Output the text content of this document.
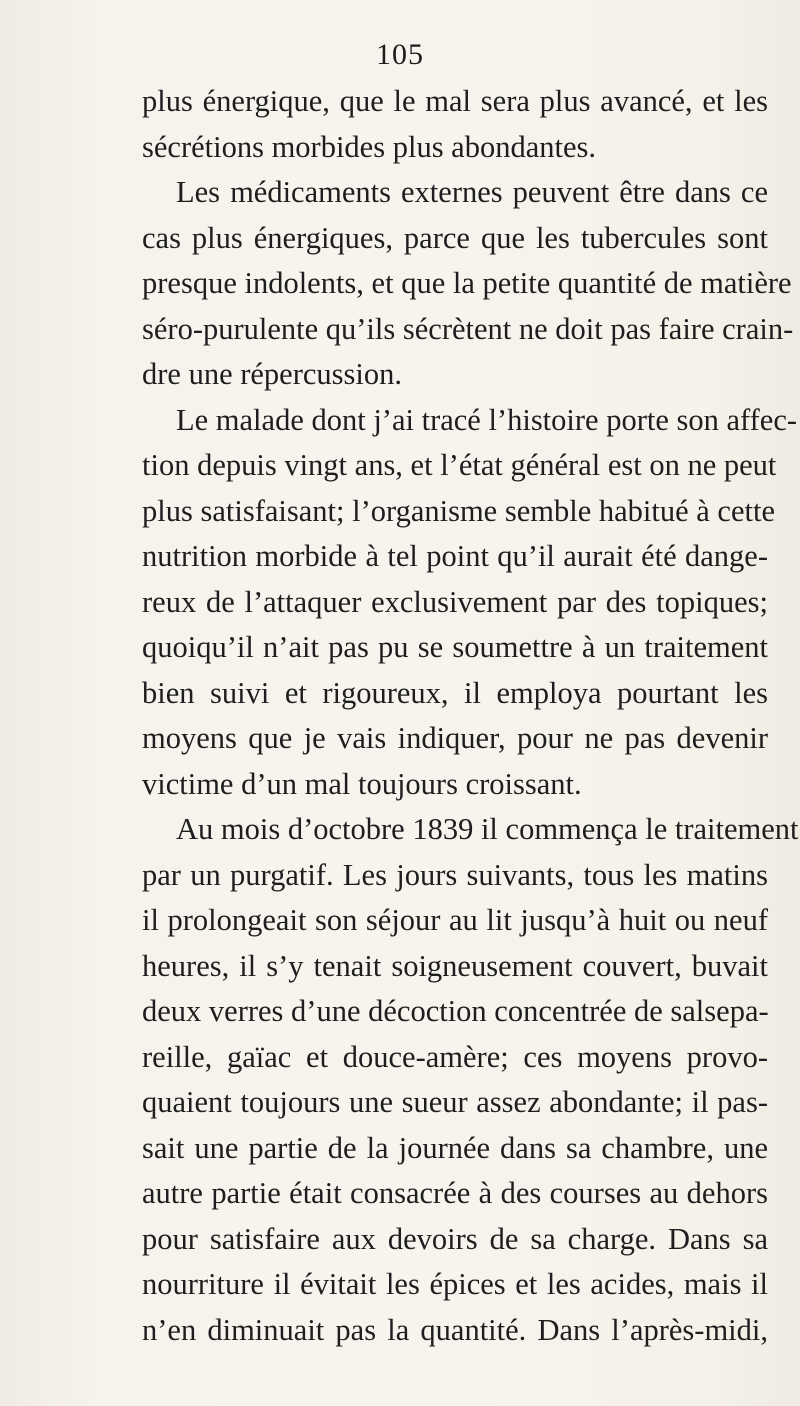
105
plus énergique, que le mal sera plus avancé, et les
sécrétions morbides plus abondantes.
Les médicaments externes peuvent être dans ce
cas plus énergiques, parce que les tubercules sont
presque indolents, et que la petite quantité de matière
séro-purulente qu’ils sécrètent ne doit pas faire crain-
dre une répercussion.
Le malade dont j’ai tracé l’histoire porte son affec-
tion depuis vingt ans, et l’état général est on ne peut
plus satisfaisant; l’organisme semble habitué à cette
nutrition morbide à tel point qu’il aurait été dange-
reux de l’attaquer exclusivement par des topiques;
quoiqu’il n’ait pas pu se soumettre à un traitement
bien suivi et rigoureux, il employa pourtant les
moyens que je vais indiquer, pour ne pas devenir
victime d’un mal toujours croissant.
Au mois d’octobre 1839 il commença le traitement
par un purgatif. Les jours suivants, tous les matins
il prolongeait son séjour au lit jusqu’à huit ou neuf
heures, il s’y tenait soigneusement couvert, buvait
deux verres d’une décoction concentrée de salsepa-
reille, gaïac et douce-amère; ces moyens provo-
quaient toujours une sueur assez abondante; il pas-
sait une partie de la journée dans sa chambre, une
autre partie était consacrée à des courses au dehors
pour satisfaire aux devoirs de sa charge. Dans sa
nourriture il évitait les épices et les acides, mais il
n’en diminuait pas la quantité. Dans l’après-midi,
